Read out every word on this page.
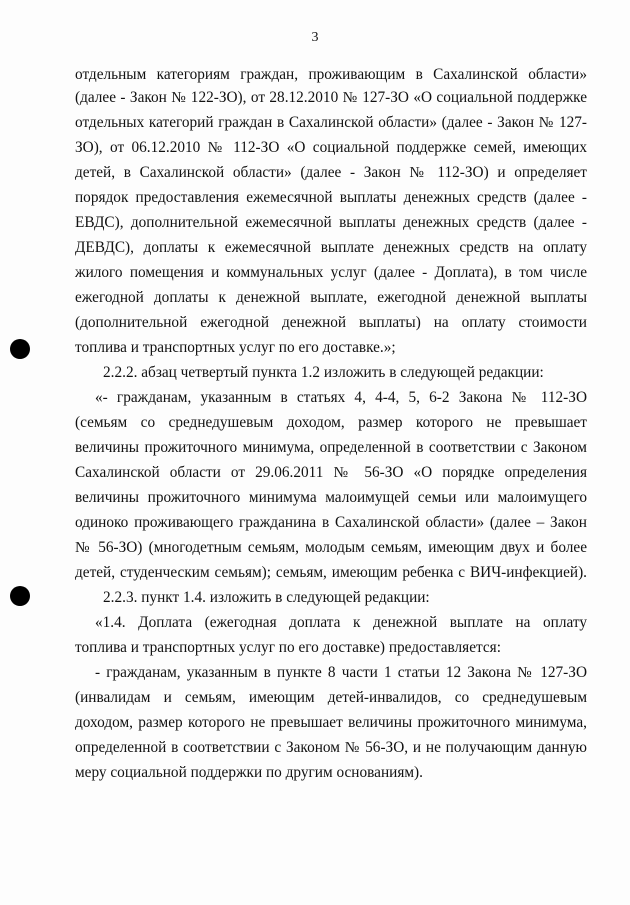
3
отдельным категориям граждан, проживающим в Сахалинской области»
(далее - Закон № 122-ЗО), от 28.12.2010 № 127-ЗО «О социальной поддержке
отдельных категорий граждан в Сахалинской области» (далее - Закон № 127-
ЗО), от 06.12.2010 № 112-ЗО «О социальной поддержке семей, имеющих
детей, в Сахалинской области» (далее - Закон № 112-ЗО) и определяет
порядок предоставления ежемесячной выплаты денежных средств (далее -
ЕВДС), дополнительной ежемесячной выплаты денежных средств (далее -
ДЕВДС), доплаты к ежемесячной выплате денежных средств на оплату
жилого помещения и коммунальных услуг (далее - Доплата), в том числе
ежегодной доплаты к денежной выплате, ежегодной денежной выплаты
(дополнительной ежегодной денежной выплаты) на оплату стоимости
топлива и транспортных услуг по его доставке.»;
2.2.2. абзац четвертый пункта 1.2 изложить в следующей редакции:
«- гражданам, указанным в статьях 4, 4-4, 5, 6-2 Закона № 112-ЗО
(семьям со среднедушевым доходом, размер которого не превышает
величины прожиточного минимума, определенной в соответствии с Законом
Сахалинской области от 29.06.2011 № 56-ЗО «О порядке определения
величины прожиточного минимума малоимущей семьи или малоимущего
одиноко проживающего гражданина в Сахалинской области» (далее – Закон
№ 56-ЗО) (многодетным семьям, молодым семьям, имеющим двух и более
детей, студенческим семьям); семьям, имеющим ребенка с ВИЧ-инфекцией).
2.2.3. пункт 1.4. изложить в следующей редакции:
«1.4. Доплата (ежегодная доплата к денежной выплате на оплату
топлива и транспортных услуг по его доставке) предоставляется:
- гражданам, указанным в пункте 8 части 1 статьи 12 Закона № 127-ЗО
(инвалидам и семьям, имеющим детей-инвалидов, со среднедушевым
доходом, размер которого не превышает величины прожиточного минимума,
определенной в соответствии с Законом № 56-ЗО, и не получающим данную
меру социальной поддержки по другим основаниям).
